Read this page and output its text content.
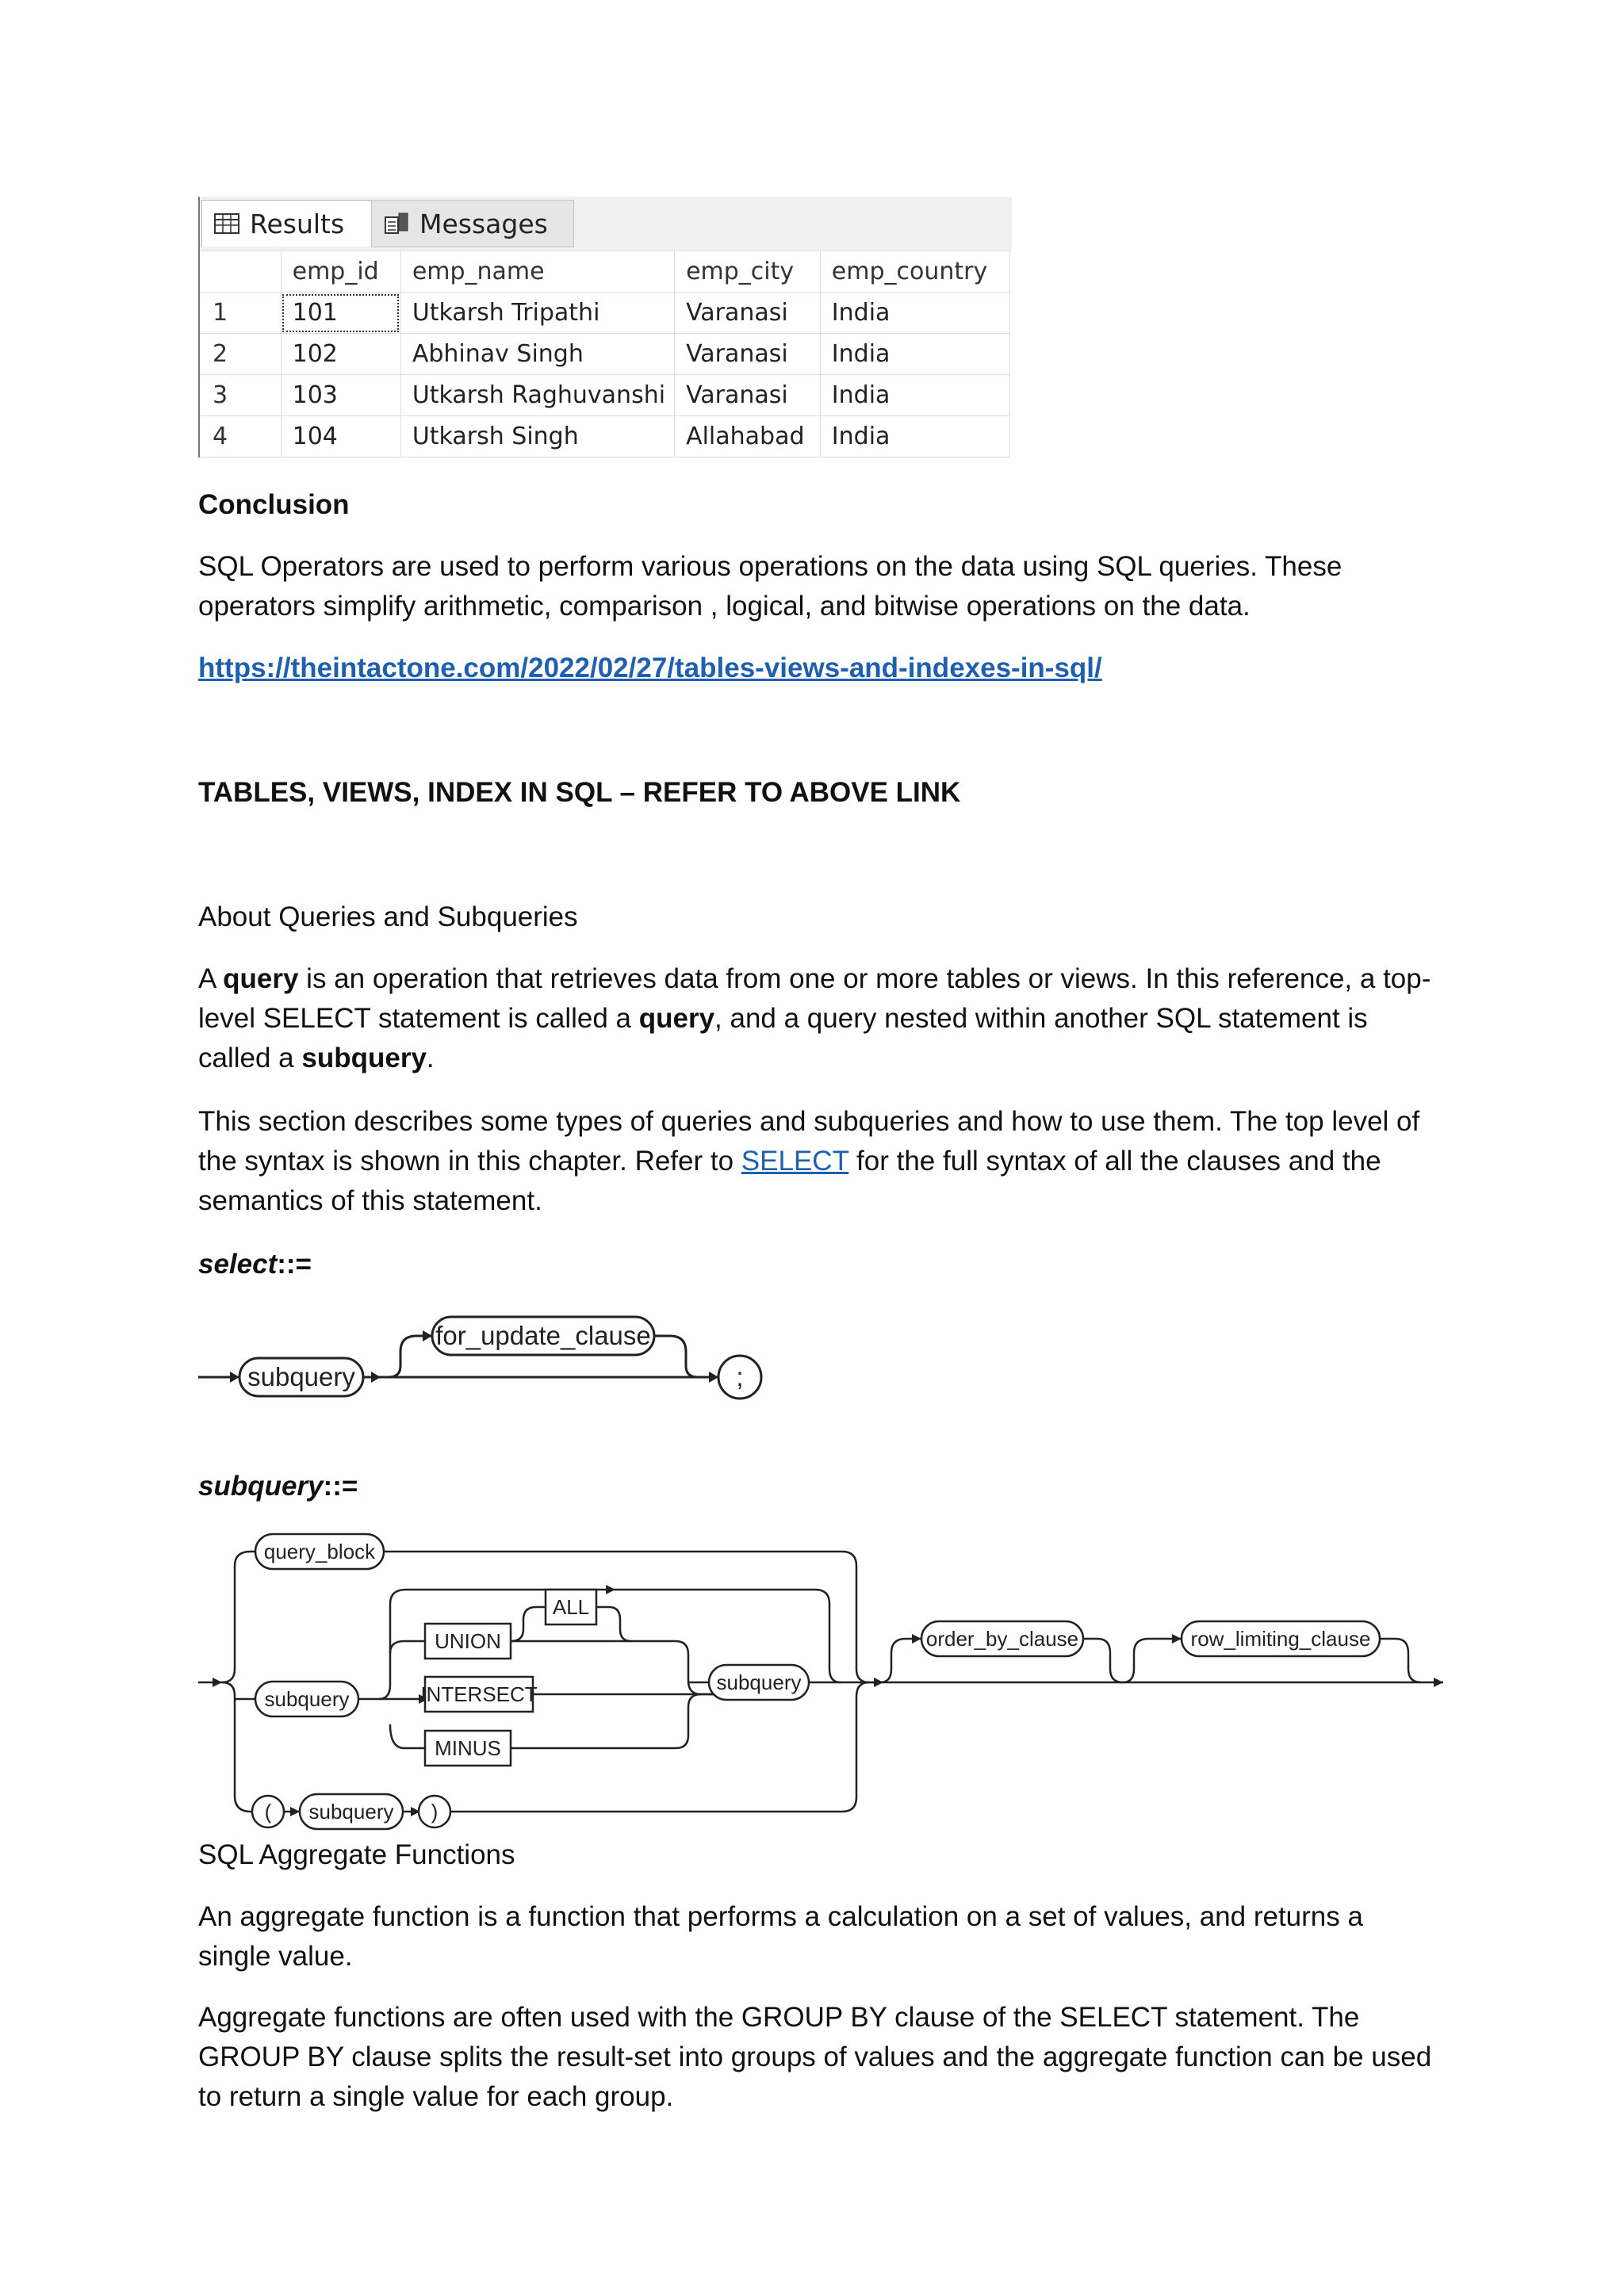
Results	Messages
	emp_id	emp_name	emp_city	emp_country
1	101	Utkarsh Tripathi	Varanasi	India
2	102	Abhinav Singh	Varanasi	India
3	103	Utkarsh Raghuvanshi	Varanasi	India
4	104	Utkarsh Singh	Allahabad	India
Conclusion
SQL Operators are used to perform various operations on the data using SQL queries. These operators simplify arithmetic, comparison , logical, and bitwise operations on the data.
https://theintactone.com/2022/02/27/tables-views-and-indexes-in-sql/
TABLES, VIEWS, INDEX IN SQL – REFER TO ABOVE LINK
About Queries and Subqueries
A query is an operation that retrieves data from one or more tables or views. In this reference, a top-level SELECT statement is called a query, and a query nested within another SQL statement is called a subquery.
This section describes some types of queries and subqueries and how to use them. The top level of the syntax is shown in this chapter. Refer to SELECT for the full syntax of all the clauses and the semantics of this statement.
select::=
subquery
for_update_clause
;
subquery::=
query_block
subquery
UNION
ALL
INTERSECT
MINUS
subquery
( subquery )
order_by_clause	row_limiting_clause
SQL Aggregate Functions
An aggregate function is a function that performs a calculation on a set of values, and returns a single value.
Aggregate functions are often used with the GROUP BY clause of the SELECT statement. The GROUP BY clause splits the result-set into groups of values and the aggregate function can be used to return a single value for each group.
